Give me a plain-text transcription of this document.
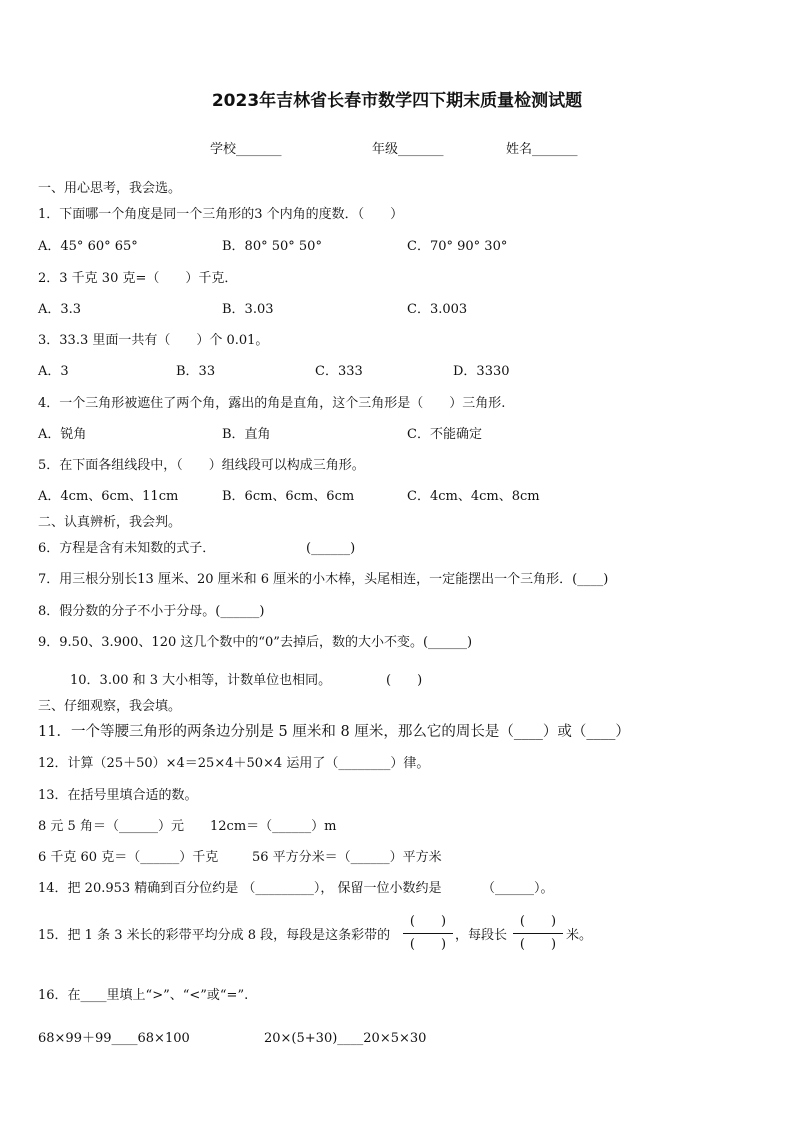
2023年吉林省长春市数学四下期末质量检测试题
学校_______	年级_______	姓名_______
一、用心思考，我会选。
1．下面哪一个角度是同一个三角形的3 个内角的度数．（　　）
A．45° 60° 65°	B．80° 50° 50°	C．70° 90° 30°
2．3 千克 30 克=（　　）千克．
A．3.3	B．3.03	C．3.003
3．33.3 里面一共有（　　）个 0.01。
A．3	B．33	C．333	D．3330
4．一个三角形被遮住了两个角，露出的角是直角，这个三角形是（　　）三角形.
A．锐角	B．直角	C．不能确定
5．在下面各组线段中，（　　）组线段可以构成三角形。
A．4cm、6cm、11cm	B．6cm、6cm、6cm	C．4cm、4cm、8cm
二、认真辨析，我会判。
6．方程是含有未知数的式子．	(______)
7．用三根分别长13 厘米、20 厘米和 6 厘米的小木棒，头尾相连，一定能摆出一个三角形．(____)
8．假分数的分子不小于分母。(______)
9．9.50、3.900、120 这几个数中的“0”去掉后，数的大小不变。(______)
10．3.00 和 3 大小相等，计数单位也相同。	(　　)
三、仔细观察，我会填。
11．一个等腰三角形的两条边分别是 5 厘米和 8 厘米，那么它的周长是（____）或（____）
12．计算（25＋50）×4＝25×4＋50×4 运用了（________）律。
13．在括号里填合适的数。
8 元 5 角＝（______）元 12cm＝（______）m
6 千克 60 克＝（______）千克	56 平方分米＝（______）平方米
14．把 20.953 精确到百分位约是 （_________）， 保留一位小数约是	（______）。
15．把 1 条 3 米长的彩带平均分成 8 段，每段是这条彩带的
(　　)
(　　)
，每段长
(　　)
(　　)
米。
16．在____里填上“>”、“<”或“=”.
68×99＋99____68×100	20×(5+30)____20×5×30
